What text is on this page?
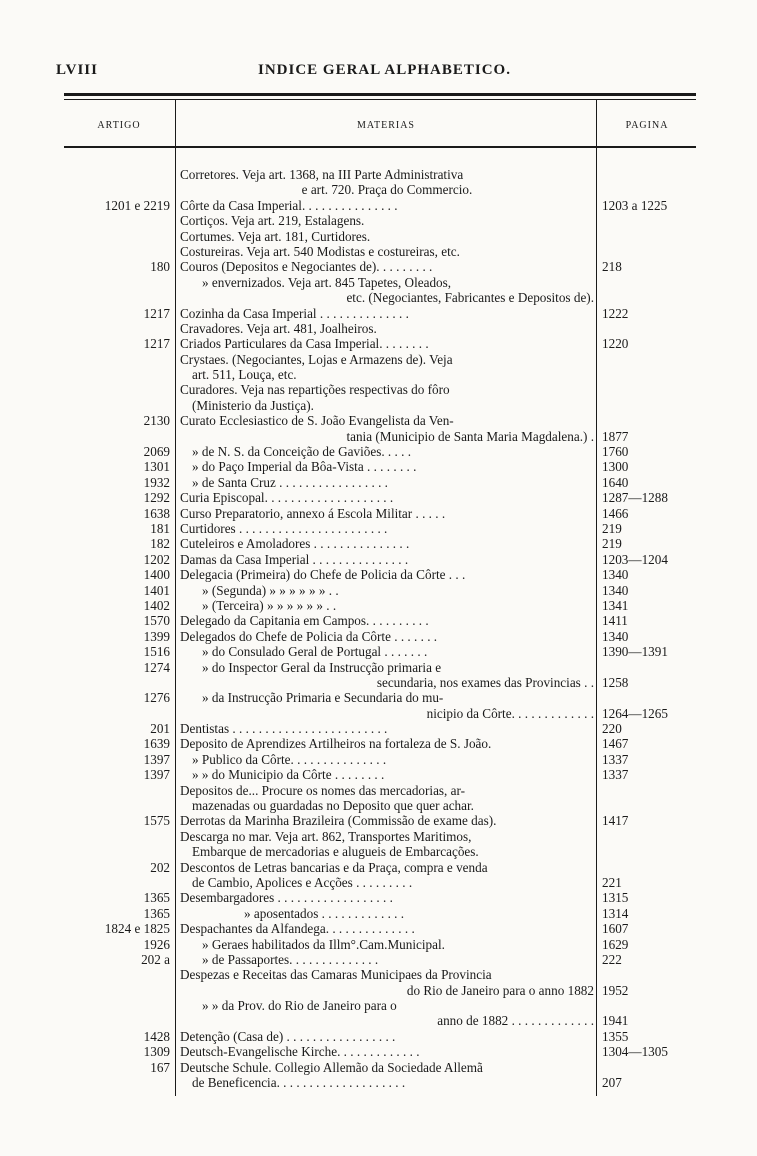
LVIII	INDICE GERAL ALPHABETICO.
ARTIGO	MATERIAS	PAGINA
Corretores. Veja art. 1368, na III Parte Administrativa
e art. 720. Praça do Commercio.
1201 e 2219 Côrte da Casa Imperial. . . . . . . . . . . . . . .	1203 a 1225
Cortiços. Veja art. 219, Estalagens.
Cortumes. Veja art. 181, Curtidores.
Costureiras. Veja art. 540 Modistas e costureiras, etc.
180 Couros (Depositos e Negociantes de). . . . . . . . .	218
» envernizados. Veja art. 845 Tapetes, Oleados,
etc. (Negociantes, Fabricantes e Depositos de).
1217 Cozinha da Casa Imperial . . . . . . . . . . . . . .	1222
Cravadores. Veja art. 481, Joalheiros.
1217 Criados Particulares da Casa Imperial. . . . . . . .	1220
Crystaes. (Negociantes, Lojas e Armazens de). Veja
art. 511, Louça, etc.
Curadores. Veja nas repartições respectivas do fôro
(Ministerio da Justiça).
2130 Curato Ecclesiastico de S. João Evangelista da Ven-
tania (Municipio de Santa Maria Magdalena.) . 1877
2069	» de N. S. da Conceição de Gaviões. . . . .	1760
1301	» do Paço Imperial da Bôa-Vista . . . . . . . .	1300
1932	» de Santa Cruz . . . . . . . . . . . . . . . . .	1640
1292 Curia Episcopal. . . . . . . . . . . . . . . . . . . .	1287—1288
1638 Curso Preparatorio, annexo á Escola Militar . . . . .	1466
181 Curtidores . . . . . . . . . . . . . . . . . . . . . . .	219
182 Cuteleiros e Amoladores . . . . . . . . . . . . . . .	219
1202 Damas da Casa Imperial . . . . . . . . . . . . . . .	1203—1204
1400 Delegacia (Primeira) do Chefe de Policia da Côrte . . .	1340
1401	» (Segunda) » » » » » » . .	1340
1402	» (Terceira) » » » » » » . .	1341
1570 Delegado da Capitania em Campos. . . . . . . . . .	1411
1399 Delegados do Chefe de Policia da Côrte . . . . . . .	1340
1516	» do Consulado Geral de Portugal . . . . . . .	1390—1391
1274	» do Inspector Geral da Instrucção primaria e
secundaria, nos exames das Provincias . . 1258
1276	» da Instrucção Primaria e Secundaria do mu-
nicipio da Côrte. . . . . . . . . . . . . 1264—1265
201 Dentistas . . . . . . . . . . . . . . . . . . . . . . . .	220
1639 Deposito de Aprendizes Artilheiros na fortaleza de S. João.	1467
1397	» Publico da Côrte. . . . . . . . . . . . . . .	1337
1397	» » do Municipio da Côrte . . . . . . . .	1337
Depositos de... Procure os nomes das mercadorias, ar-
mazenadas ou guardadas no Deposito que quer achar.
1575 Derrotas da Marinha Brazileira (Commissão de exame das).	1417
Descarga no mar. Veja art. 862, Transportes Maritimos,
Embarque de mercadorias e alugueis de Embarcações.
202 Descontos de Letras bancarias e da Praça, compra e venda
de Cambio, Apolices e Acções . . . . . . . . .	221
1365 Desembargadores . . . . . . . . . . . . . . . . . .	1315
1365	» aposentados . . . . . . . . . . . . .	1314
1824 e 1825 Despachantes da Alfandega. . . . . . . . . . . . . .	1607
1926	» Geraes habilitados da Illm°.Cam.Municipal.	1629
202 a	» de Passaportes. . . . . . . . . . . . . .	222
Despezas e Receitas das Camaras Municipaes da Provincia
do Rio de Janeiro para o anno 1882 1952
» » da Prov. do Rio de Janeiro para o
anno de 1882 . . . . . . . . . . . . . 1941
1428 Detenção (Casa de) . . . . . . . . . . . . . . . . .	1355
1309 Deutsch-Evangelische Kirche. . . . . . . . . . . . .	1304—1305
167 Deutsche Schule. Collegio Allemão da Sociedade Allemã
de Beneficencia. . . . . . . . . . . . . . . . . . . .	207
